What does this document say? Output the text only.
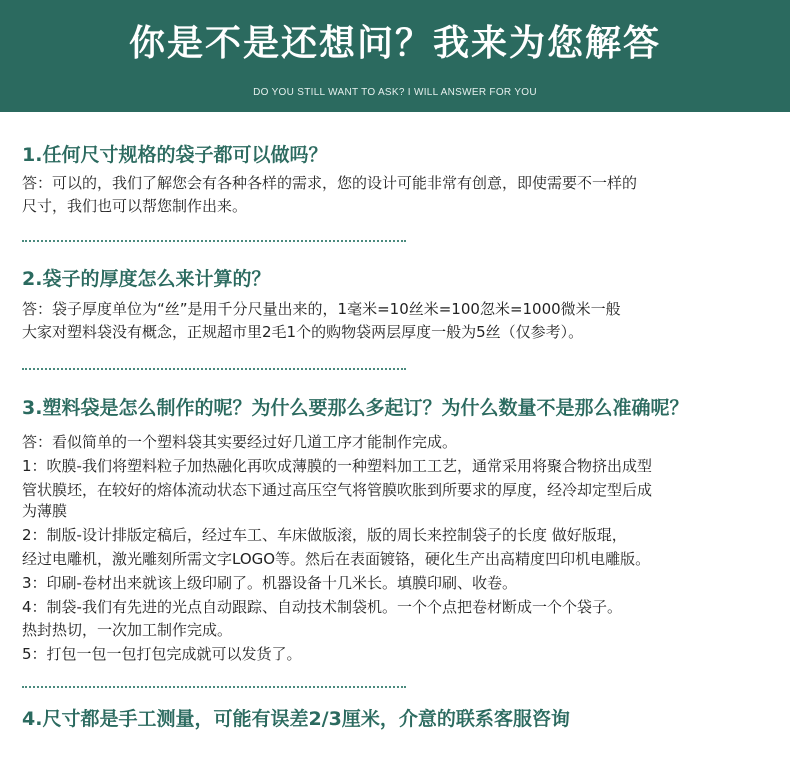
你是不是还想问？我来为您解答
DO YOU STILL WANT TO ASK? I WILL ANSWER FOR YOU
1.任何尺寸规格的袋子都可以做吗？
答：可以的，我们了解您会有各种各样的需求，您的设计可能非常有创意，即使需要不一样的
尺寸，我们也可以帮您制作出来。
2.袋子的厚度怎么来计算的？
答：袋子厚度单位为“丝”是用千分尺量出来的，1毫米=10丝米=100忽米=1000微米一般
大家对塑料袋没有概念，正规超市里2毛1个的购物袋两层厚度一般为5丝（仅参考）。
3.塑料袋是怎么制作的呢？为什么要那么多起订？为什么数量不是那么准确呢？
答：看似简单的一个塑料袋其实要经过好几道工序才能制作完成。
1：吹膜-我们将塑料粒子加热融化再吹成薄膜的一种塑料加工工艺，通常采用将聚合物挤出成型
管状膜坯，在较好的熔体流动状态下通过高压空气将管膜吹胀到所要求的厚度，经冷却定型后成
为薄膜
2：制版-设计排版定稿后，经过车工、车床做版滚，版的周长来控制袋子的长度 做好版琨，
经过电雕机，激光雕刻所需文字LOGO等。然后在表面镀铬，硬化生产出高精度凹印机电雕版。
3：印刷-卷材出来就该上级印刷了。机器设备十几米长。填膜印刷、收卷。
4：制袋-我们有先进的光点自动跟踪、自动技术制袋机。一个个点把卷材断成一个个袋子。
热封热切，一次加工制作完成。
5：打包一包一包打包完成就可以发货了。
4.尺寸都是手工测量，可能有误差2/3厘米，介意的联系客服咨询
